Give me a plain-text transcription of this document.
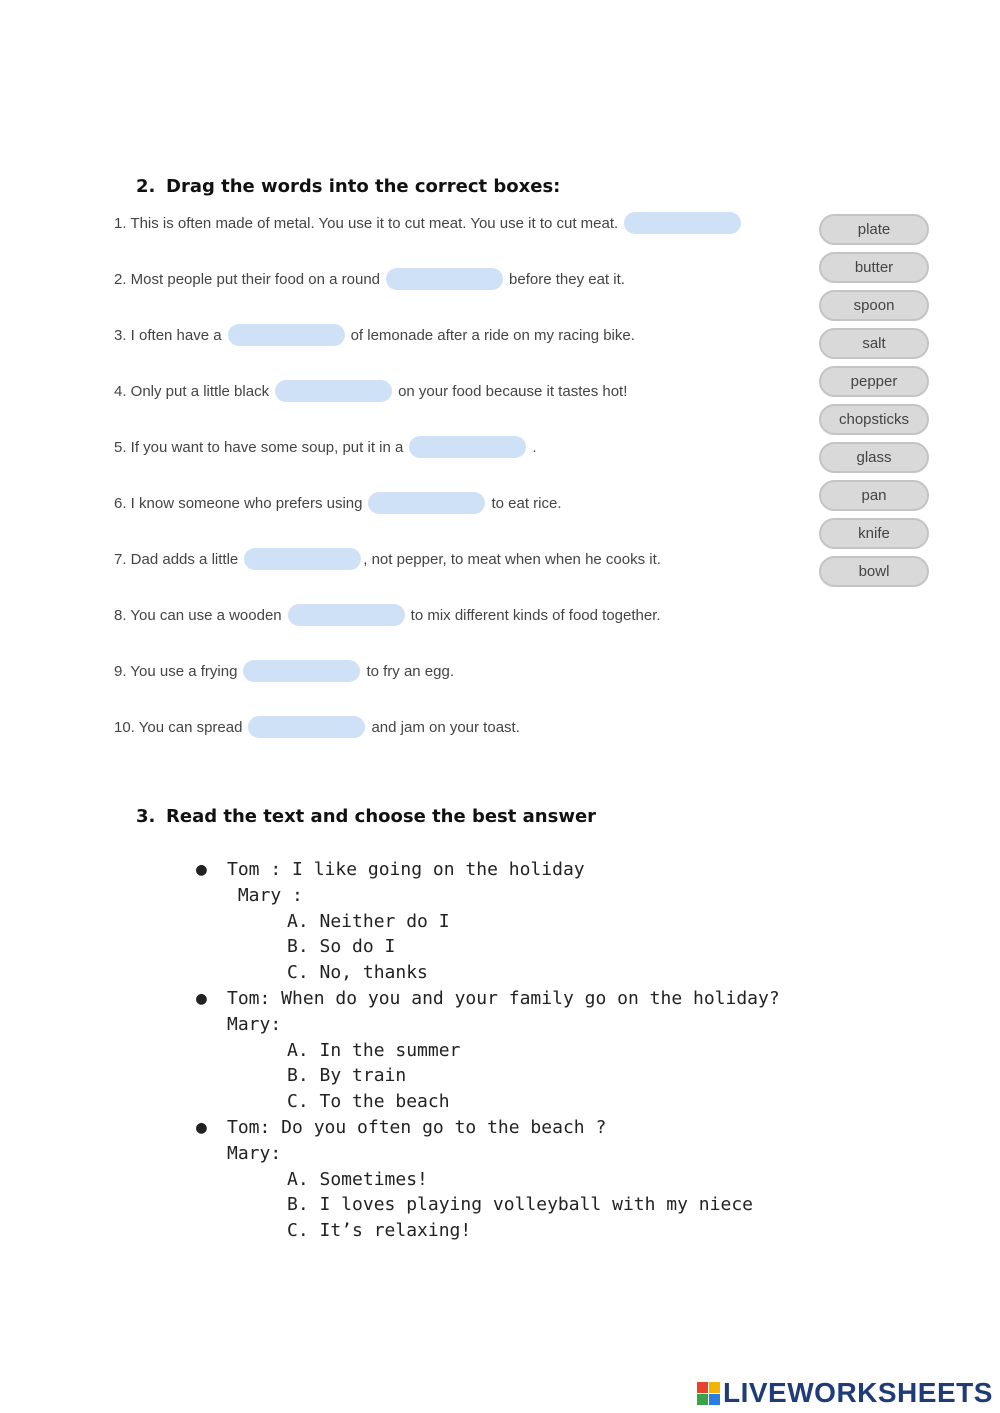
2. Drag the words into the correct boxes:
1. This is often made of metal. You use it to cut meat. You use it to cut meat.
2. Most people put their food on a round	before they eat it.
3. I often have a	of lemonade after a ride on my racing bike.
4. Only put a little black	on your food because it tastes hot!
5. If you want to have some soup, put it in a	.
6. I know someone who prefers using	to eat rice.
7. Dad adds a little	, not pepper, to meat when when he cooks it.
8. You can use a wooden	to mix different kinds of food together.
9. You use a frying	to fry an egg.
10. You can spread	and jam on your toast.
plate
butter
spoon
salt
pepper
chopsticks
glass
pan
knife
bowl
3. Read the text and choose the best answer
●	Tom : I like going on the holiday
Mary :
A. Neither do I
B. So do I
C. No, thanks
●	Tom: When do you and your family go on the holiday?
Mary:
A. In the summer
B. By train
C. To the beach
●	Tom: Do you often go to the beach ?
Mary:
A. Sometimes!
B. I loves playing volleyball with my niece
C. It’s relaxing!
LIVEWORKSHEETS
